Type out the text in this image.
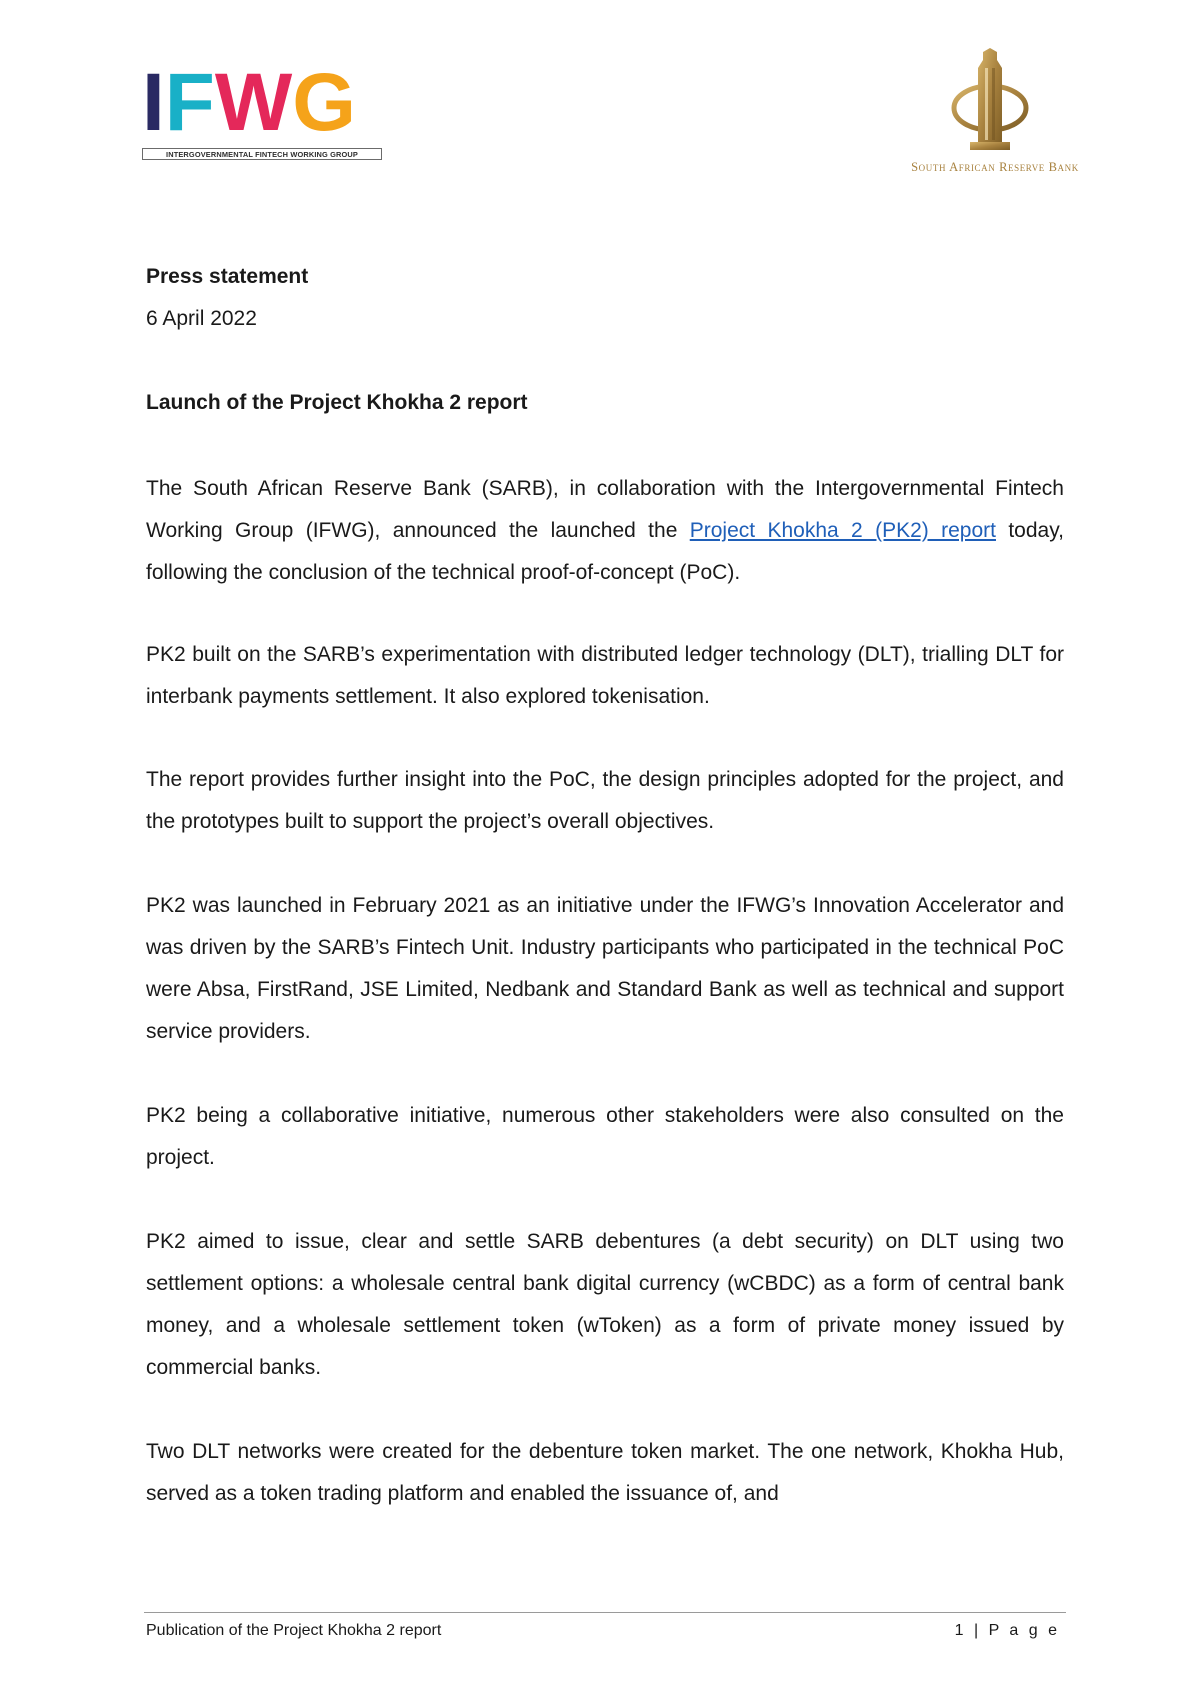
I F W G
INTERGOVERNMENTAL FINTECH WORKING GROUP
South African Reserve Bank

Press statement

6 April 2022

Launch of the Project Khokha 2 report

The South African Reserve Bank (SARB), in collaboration with the Intergovernmental Fintech Working Group (IFWG), announced the launched the Project Khokha 2 (PK2) report today, following the conclusion of the technical proof-of-concept (PoC).

PK2 built on the SARB’s experimentation with distributed ledger technology (DLT), trialling DLT for interbank payments settlement. It also explored tokenisation.

The report provides further insight into the PoC, the design principles adopted for the project, and the prototypes built to support the project’s overall objectives.

PK2 was launched in February 2021 as an initiative under the IFWG’s Innovation Accelerator and was driven by the SARB’s Fintech Unit. Industry participants who participated in the technical PoC were Absa, FirstRand, JSE Limited, Nedbank and Standard Bank as well as technical and support service providers.

PK2 being a collaborative initiative, numerous other stakeholders were also consulted on the project.

PK2 aimed to issue, clear and settle SARB debentures (a debt security) on DLT using two settlement options: a wholesale central bank digital currency (wCBDC) as a form of central bank money, and a wholesale settlement token (wToken) as a form of private money issued by commercial banks.

Two DLT networks were created for the debenture token market. The one network, Khokha Hub, served as a token trading platform and enabled the issuance of, and

Publication of the Project Khokha 2 report	1 | P a g e
